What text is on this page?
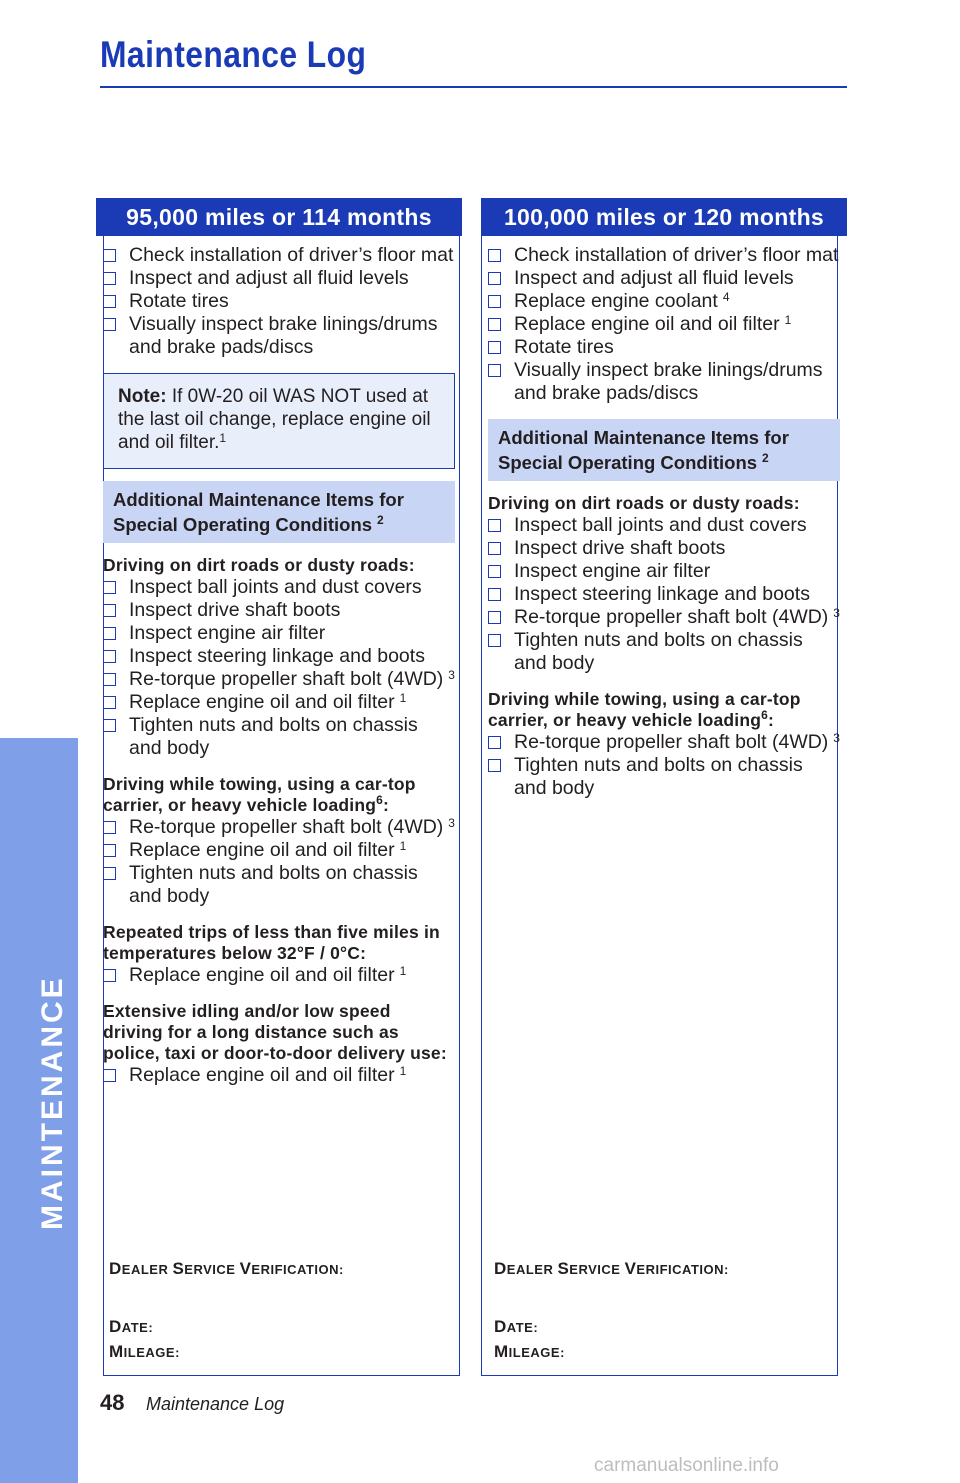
Maintenance Log
MAINTENANCE
95,000 miles or 114 months	100,000 miles or 120 months
Check installation of driver’s floor mat
Inspect and adjust all fluid levels
Rotate tires
Visually inspect brake linings/drums and brake pads/discs
Note: If 0W-20 oil WAS NOT used at the last oil change, replace engine oil and oil filter.$^1$
Additional Maintenance Items for Special Operating Conditions $^2$
Driving on dirt roads or dusty roads:
Inspect ball joints and dust covers
Inspect drive shaft boots
Inspect engine air filter
Inspect steering linkage and boots
Re-torque propeller shaft bolt (4WD) $^3$
Replace engine oil and oil filter $^1$
Tighten nuts and bolts on chassis and body
Driving while towing, using a car-top carrier, or heavy vehicle loading$^6$:
Re-torque propeller shaft bolt (4WD) $^3$
Replace engine oil and oil filter $^1$
Tighten nuts and bolts on chassis and body
Repeated trips of less than five miles in temperatures below 32°F / 0°C:
Replace engine oil and oil filter $^1$
Extensive idling and/or low speed driving for a long distance such as police, taxi or door-to-door delivery use:
Replace engine oil and oil filter $^1$
Check installation of driver’s floor mat
Inspect and adjust all fluid levels
Replace engine coolant $^4$
Replace engine oil and oil filter $^1$
Rotate tires
Visually inspect brake linings/drums and brake pads/discs
Additional Maintenance Items for Special Operating Conditions $^2$
Driving on dirt roads or dusty roads:
Inspect ball joints and dust covers
Inspect drive shaft boots
Inspect engine air filter
Inspect steering linkage and boots
Re-torque propeller shaft bolt (4WD) $^3$
Tighten nuts and bolts on chassis and body
Driving while towing, using a car-top carrier, or heavy vehicle loading$^6$:
Re-torque propeller shaft bolt (4WD) $^3$
Tighten nuts and bolts on chassis and body
DEALER SERVICE VERIFICATION:
DATE:
MILEAGE:
DEALER SERVICE VERIFICATION:
DATE:
MILEAGE:
48 Maintenance Log
carmanualsonline.info
